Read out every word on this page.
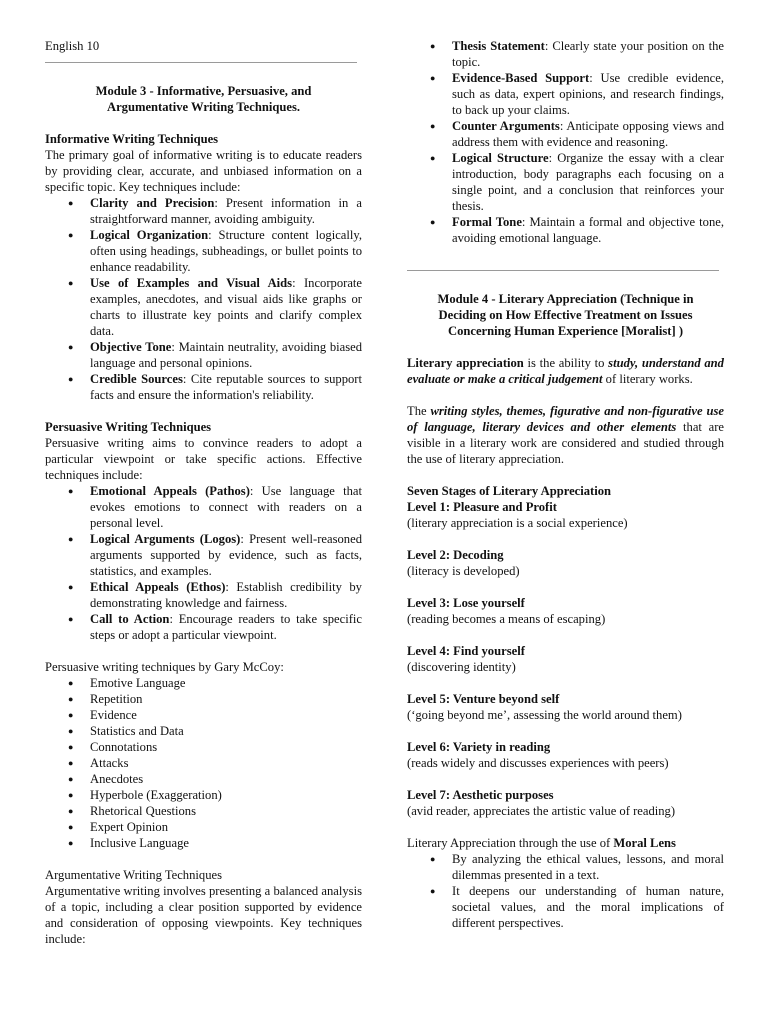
English 10

Module 3 - Informative, Persuasive, and

Argumentative Writing Techniques.

Informative Writing Techniques

The primary goal of informative writing is to educate readers by providing clear, accurate, and unbiased information on a specific topic. Key techniques include:

● Clarity and Precision: Present information in a straightforward manner, avoiding ambiguity.
● Logical Organization: Structure content logically, often using headings, subheadings, or bullet points to enhance readability.
● Use of Examples and Visual Aids: Incorporate examples, anecdotes, and visual aids like graphs or charts to illustrate key points and clarify complex data.
● Objective Tone: Maintain neutrality, avoiding biased language and personal opinions.
● Credible Sources: Cite reputable sources to support facts and ensure the information's reliability.

Persuasive Writing Techniques

Persuasive writing aims to convince readers to adopt a particular viewpoint or take specific actions. Effective techniques include:

● Emotional Appeals (Pathos): Use language that evokes emotions to connect with readers on a personal level.
● Logical Arguments (Logos): Present well-reasoned arguments supported by evidence, such as facts, statistics, and examples.
● Ethical Appeals (Ethos): Establish credibility by demonstrating knowledge and fairness.
● Call to Action: Encourage readers to take specific steps or adopt a particular viewpoint.

Persuasive writing techniques by Gary McCoy:

● Emotive Language
● Repetition
● Evidence
● Statistics and Data
● Connotations
● Attacks
● Anecdotes
● Hyperbole (Exaggeration)
● Rhetorical Questions
● Expert Opinion
● Inclusive Language

Argumentative Writing Techniques

Argumentative writing involves presenting a balanced analysis of a topic, including a clear position supported by evidence and consideration of opposing viewpoints. Key techniques include:

● Thesis Statement: Clearly state your position on the topic.
● Evidence-Based Support: Use credible evidence, such as data, expert opinions, and research findings, to back up your claims.
● Counter Arguments: Anticipate opposing views and address them with evidence and reasoning.
● Logical Structure: Organize the essay with a clear introduction, body paragraphs each focusing on a single point, and a conclusion that reinforces your thesis.
● Formal Tone: Maintain a formal and objective tone, avoiding emotional language.

Module 4 - Literary Appreciation (Technique in

Deciding on How Effective Treatment on Issues

Concerning Human Experience [Moralist] )

Literary appreciation is the ability to study, understand and evaluate or make a critical judgement of literary works.

The writing styles, themes, figurative and non-figurative use of language, literary devices and other elements that are visible in a literary work are considered and studied through the use of literary appreciation.

Seven Stages of Literary Appreciation

Level 1: Pleasure and Profit

(literary appreciation is a social experience)

Level 2: Decoding

(literacy is developed)

Level 3: Lose yourself

(reading becomes a means of escaping)

Level 4: Find yourself

(discovering identity)

Level 5: Venture beyond self

(‘going beyond me’, assessing the world around them)

Level 6: Variety in reading

(reads widely and discusses experiences with peers)

Level 7: Aesthetic purposes

(avid reader, appreciates the artistic value of reading)

Literary Appreciation through the use of Moral Lens

● By analyzing the ethical values, lessons, and moral dilemmas presented in a text.
● It deepens our understanding of human nature, societal values, and the moral implications of different perspectives.
